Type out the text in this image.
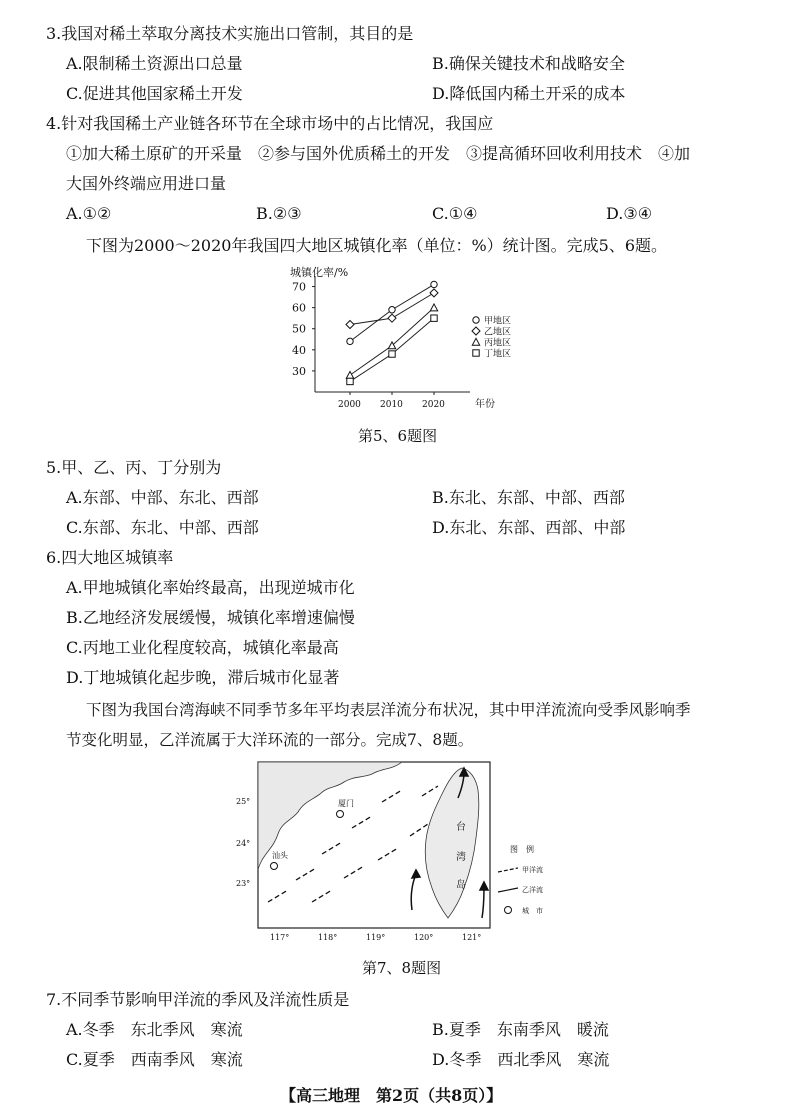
3.我国对稀土萃取分离技术实施出口管制，其目的是
A.限制稀土资源出口总量	B.确保关键技术和战略安全
C.促进其他国家稀土开发	D.降低国内稀土开采的成本
4.针对我国稀土产业链各环节在全球市场中的占比情况，我国应
①加大稀土原矿的开采量　②参与国外优质稀土的开发　③提高循环回收利用技术　④加
大国外终端应用进口量
A.①②	B.②③	C.①④	D.③④
下图为2000～2020年我国四大地区城镇化率（单位：%）统计图。完成5、6题。
城镇化率/%
年份
30
40
50
60
70
2000 2010 2020
甲地区
乙地区
丙地区
丁地区
第5、6题图
5.甲、乙、丙、丁分别为
A.东部、中部、东北、西部	B.东北、东部、中部、西部
C.东部、东北、中部、西部	D.东北、东部、西部、中部
6.四大地区城镇率
A.甲地城镇化率始终最高，出现逆城市化
B.乙地经济发展缓慢，城镇化率增速偏慢
C.丙地工业化程度较高，城镇化率最高
D.丁地城镇化起步晚，滞后城市化显著
下图为我国台湾海峡不同季节多年平均表层洋流分布状况，其中甲洋流流向受季风影响季
节变化明显，乙洋流属于大洋环流的一部分。完成7、8题。
25°
24°
23°
117°	118°	119°	120°	121°
厦门
汕头
台
湾
岛
图　例
甲洋流
乙洋流
城　市
第7、8题图
7.不同季节影响甲洋流的季风及洋流性质是
A.冬季　东北季风　寒流	B.夏季　东南季风　暖流
C.夏季　西南季风　寒流	D.冬季　西北季风　寒流
【高三地理　第2页（共8页）】
